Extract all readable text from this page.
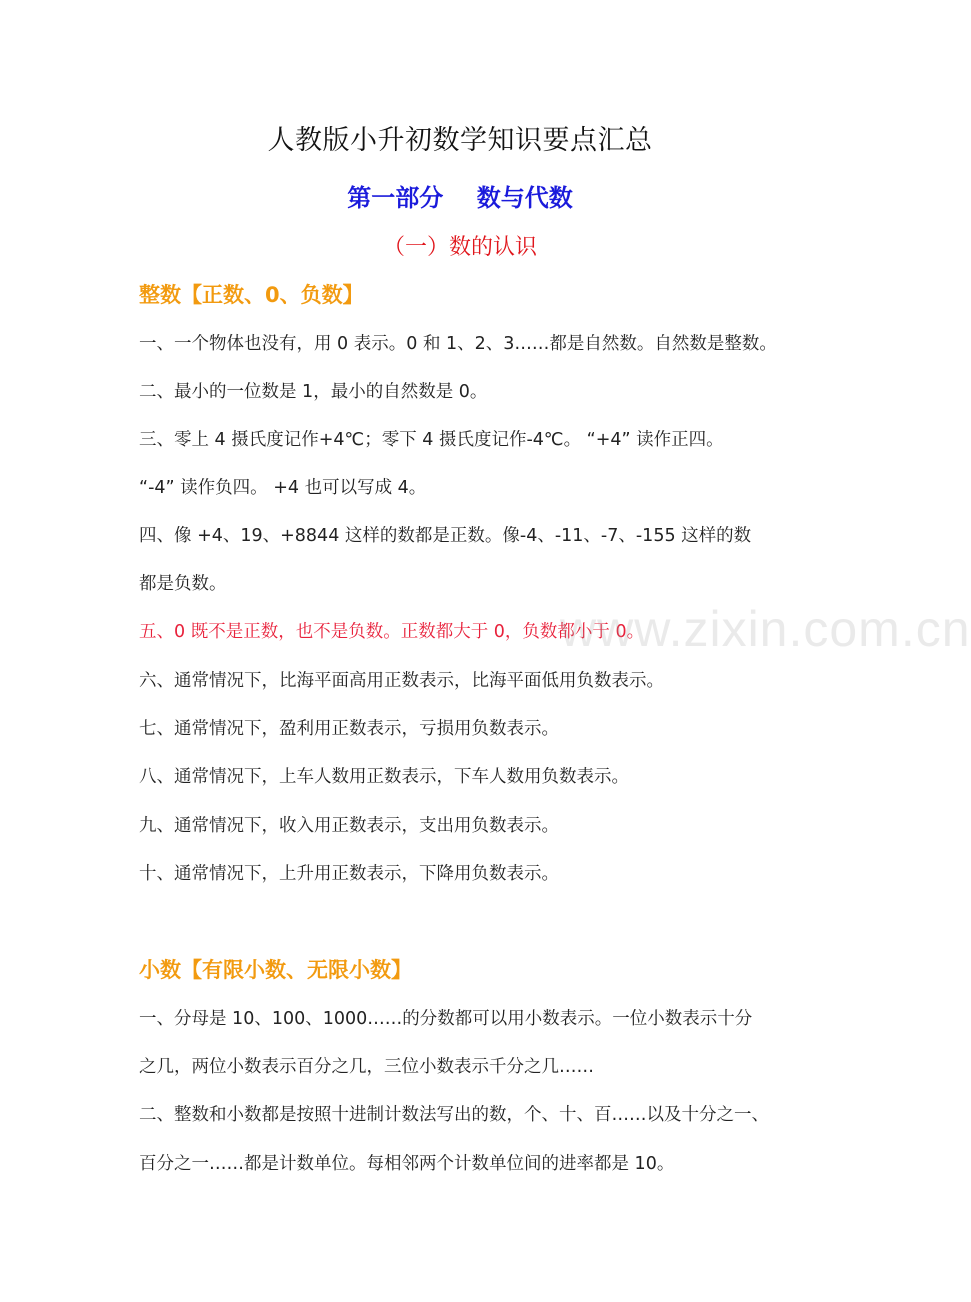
人教版小升初数学知识要点汇总
第一部分    数与代数
（一）数的认识
整数【正数、0、负数】
一、一个物体也没有，用 0 表示。0 和 1、2、3……都是自然数。自然数是整数。
二、最小的一位数是 1，最小的自然数是 0。
三、零上 4 摄氏度记作+4℃；零下 4 摄氏度记作-4℃。 “+4” 读作正四。
“-4” 读作负四。 +4 也可以写成 4。
四、像 +4、19、+8844 这样的数都是正数。像-4、-11、-7、-155 这样的数
都是负数。
五、0 既不是正数，也不是负数。正数都大于 0，负数都小于 0。
六、通常情况下，比海平面高用正数表示，比海平面低用负数表示。
七、通常情况下，盈利用正数表示，亏损用负数表示。
八、通常情况下，上车人数用正数表示，下车人数用负数表示。
九、通常情况下，收入用正数表示，支出用负数表示。
十、通常情况下，上升用正数表示，下降用负数表示。
小数【有限小数、无限小数】
一、分母是 10、100、1000……的分数都可以用小数表示。一位小数表示十分
之几，两位小数表示百分之几，三位小数表示千分之几……
二、整数和小数都是按照十进制计数法写出的数，个、十、百……以及十分之一、
百分之一……都是计数单位。每相邻两个计数单位间的进率都是 10。
www.zixin.com.cn
